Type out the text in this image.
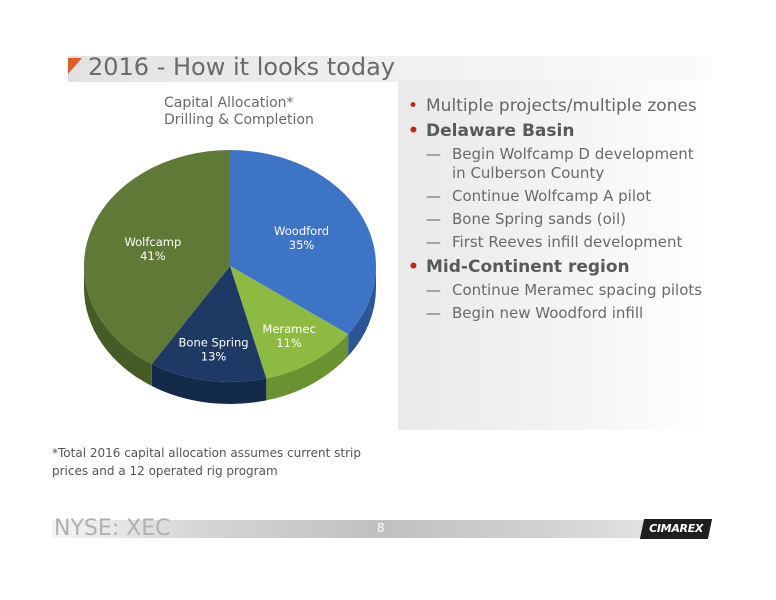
2016 - How it looks today
Capital Allocation*
Drilling & Completion
Woodford
35%
Meramec
11%
Bone Spring
13%
Wolfcamp
41%
• Multiple projects/multiple zones
• Delaware Basin
— Begin Wolfcamp D development in Culberson County
— Continue Wolfcamp A pilot
— Bone Spring sands (oil)
— First Reeves infill development
• Mid-Continent region
— Continue Meramec spacing pilots
— Begin new Woodford infill
*Total 2016 capital allocation assumes current strip prices and a 12 operated rig program
NYSE: XEC	8	CIMAREX
